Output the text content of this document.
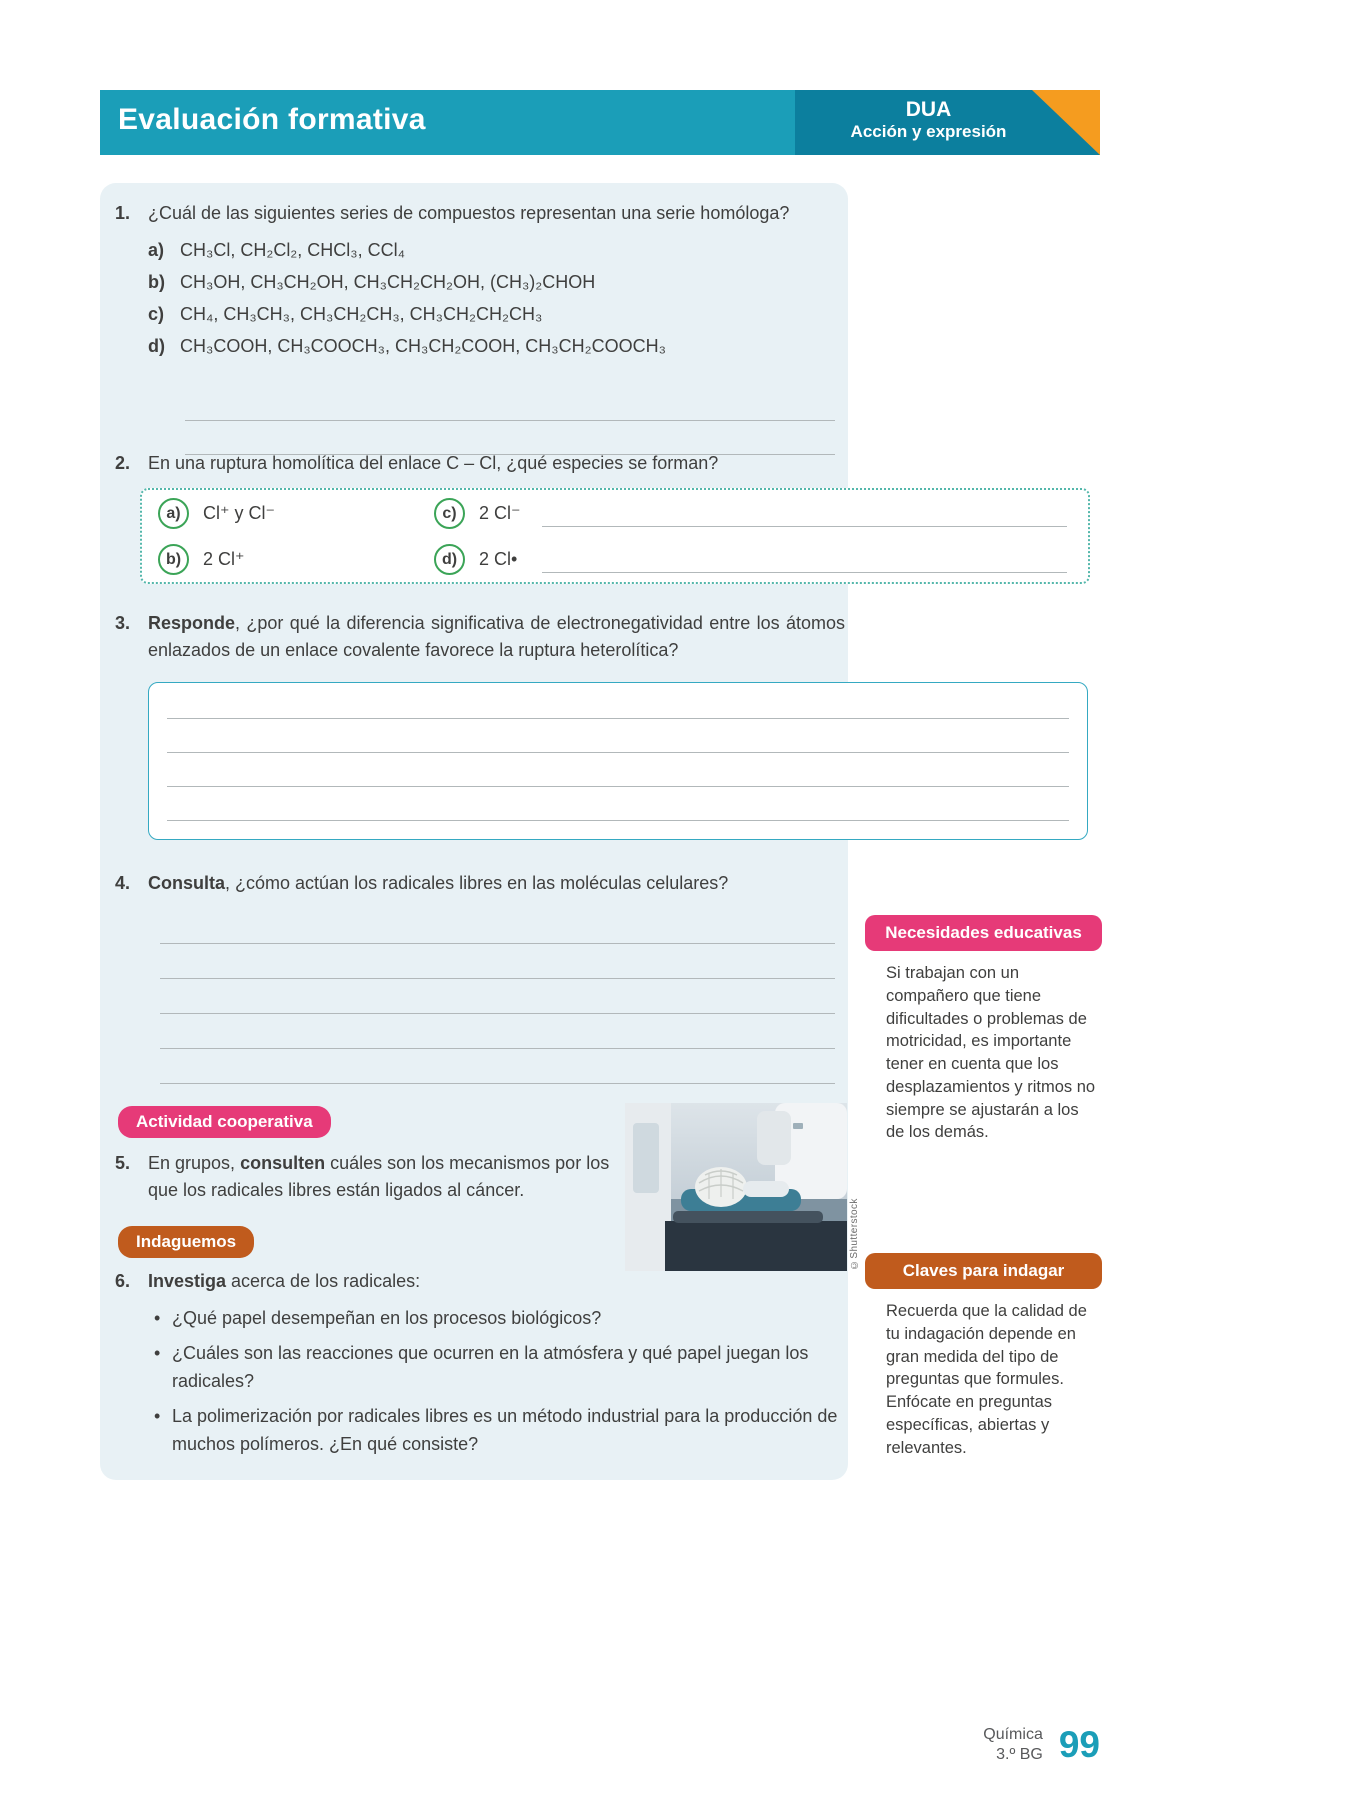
Evaluación formativa	DUA
Acción y expresión
1. ¿Cuál de las siguientes series de compuestos representan una serie homóloga?

a) CH₃Cl, CH₂Cl₂, CHCl₃, CCl₄
b) CH₃OH, CH₃CH₂OH, CH₃CH₂CH₂OH, (CH₃)₂CHOH
c) CH₄, CH₃CH₃, CH₃CH₂CH₃, CH₃CH₂CH₂CH₃
d) CH₃COOH, CH₃COOCH₃, CH₃CH₂COOH, CH₃CH₂COOCH₃
2. En una ruptura homolítica del enlace C – Cl, ¿qué especies se forman?

a)	Cl⁺ y Cl⁻
b)	2 Cl⁺
c)	2 Cl⁻
d)	2 Cl•
3. Responde, ¿por qué la diferencia significativa de electronegatividad entre los átomos enlazados de un enlace covalente favorece la ruptura heterolítica?

4. Consulta, ¿cómo actúan los radicales libres en las moléculas celulares?

Actividad cooperativa
5. En grupos, consulten cuáles son los mecanismos por los que los radicales libres están ligados al cáncer.

©Shutterstock
Indaguemos
6. Investiga acerca de los radicales:

• ¿Qué papel desempeñan en los procesos biológicos?
• ¿Cuáles son las reacciones que ocurren en la atmósfera y qué papel juegan los radicales?
• La polimerización por radicales libres es un método industrial para la producción de muchos polímeros. ¿En qué consiste?
Necesidades educativas
Si trabajan con un compañero que tiene dificultades o problemas de motricidad, es importante tener en cuenta que los desplazamientos y ritmos no siempre se ajustarán a los de los demás.
Claves para indagar
Recuerda que la calidad de tu indagación depende en gran medida del tipo de preguntas que formules. Enfócate en preguntas específicas, abiertas y relevantes.
Química
3.º BG 99
